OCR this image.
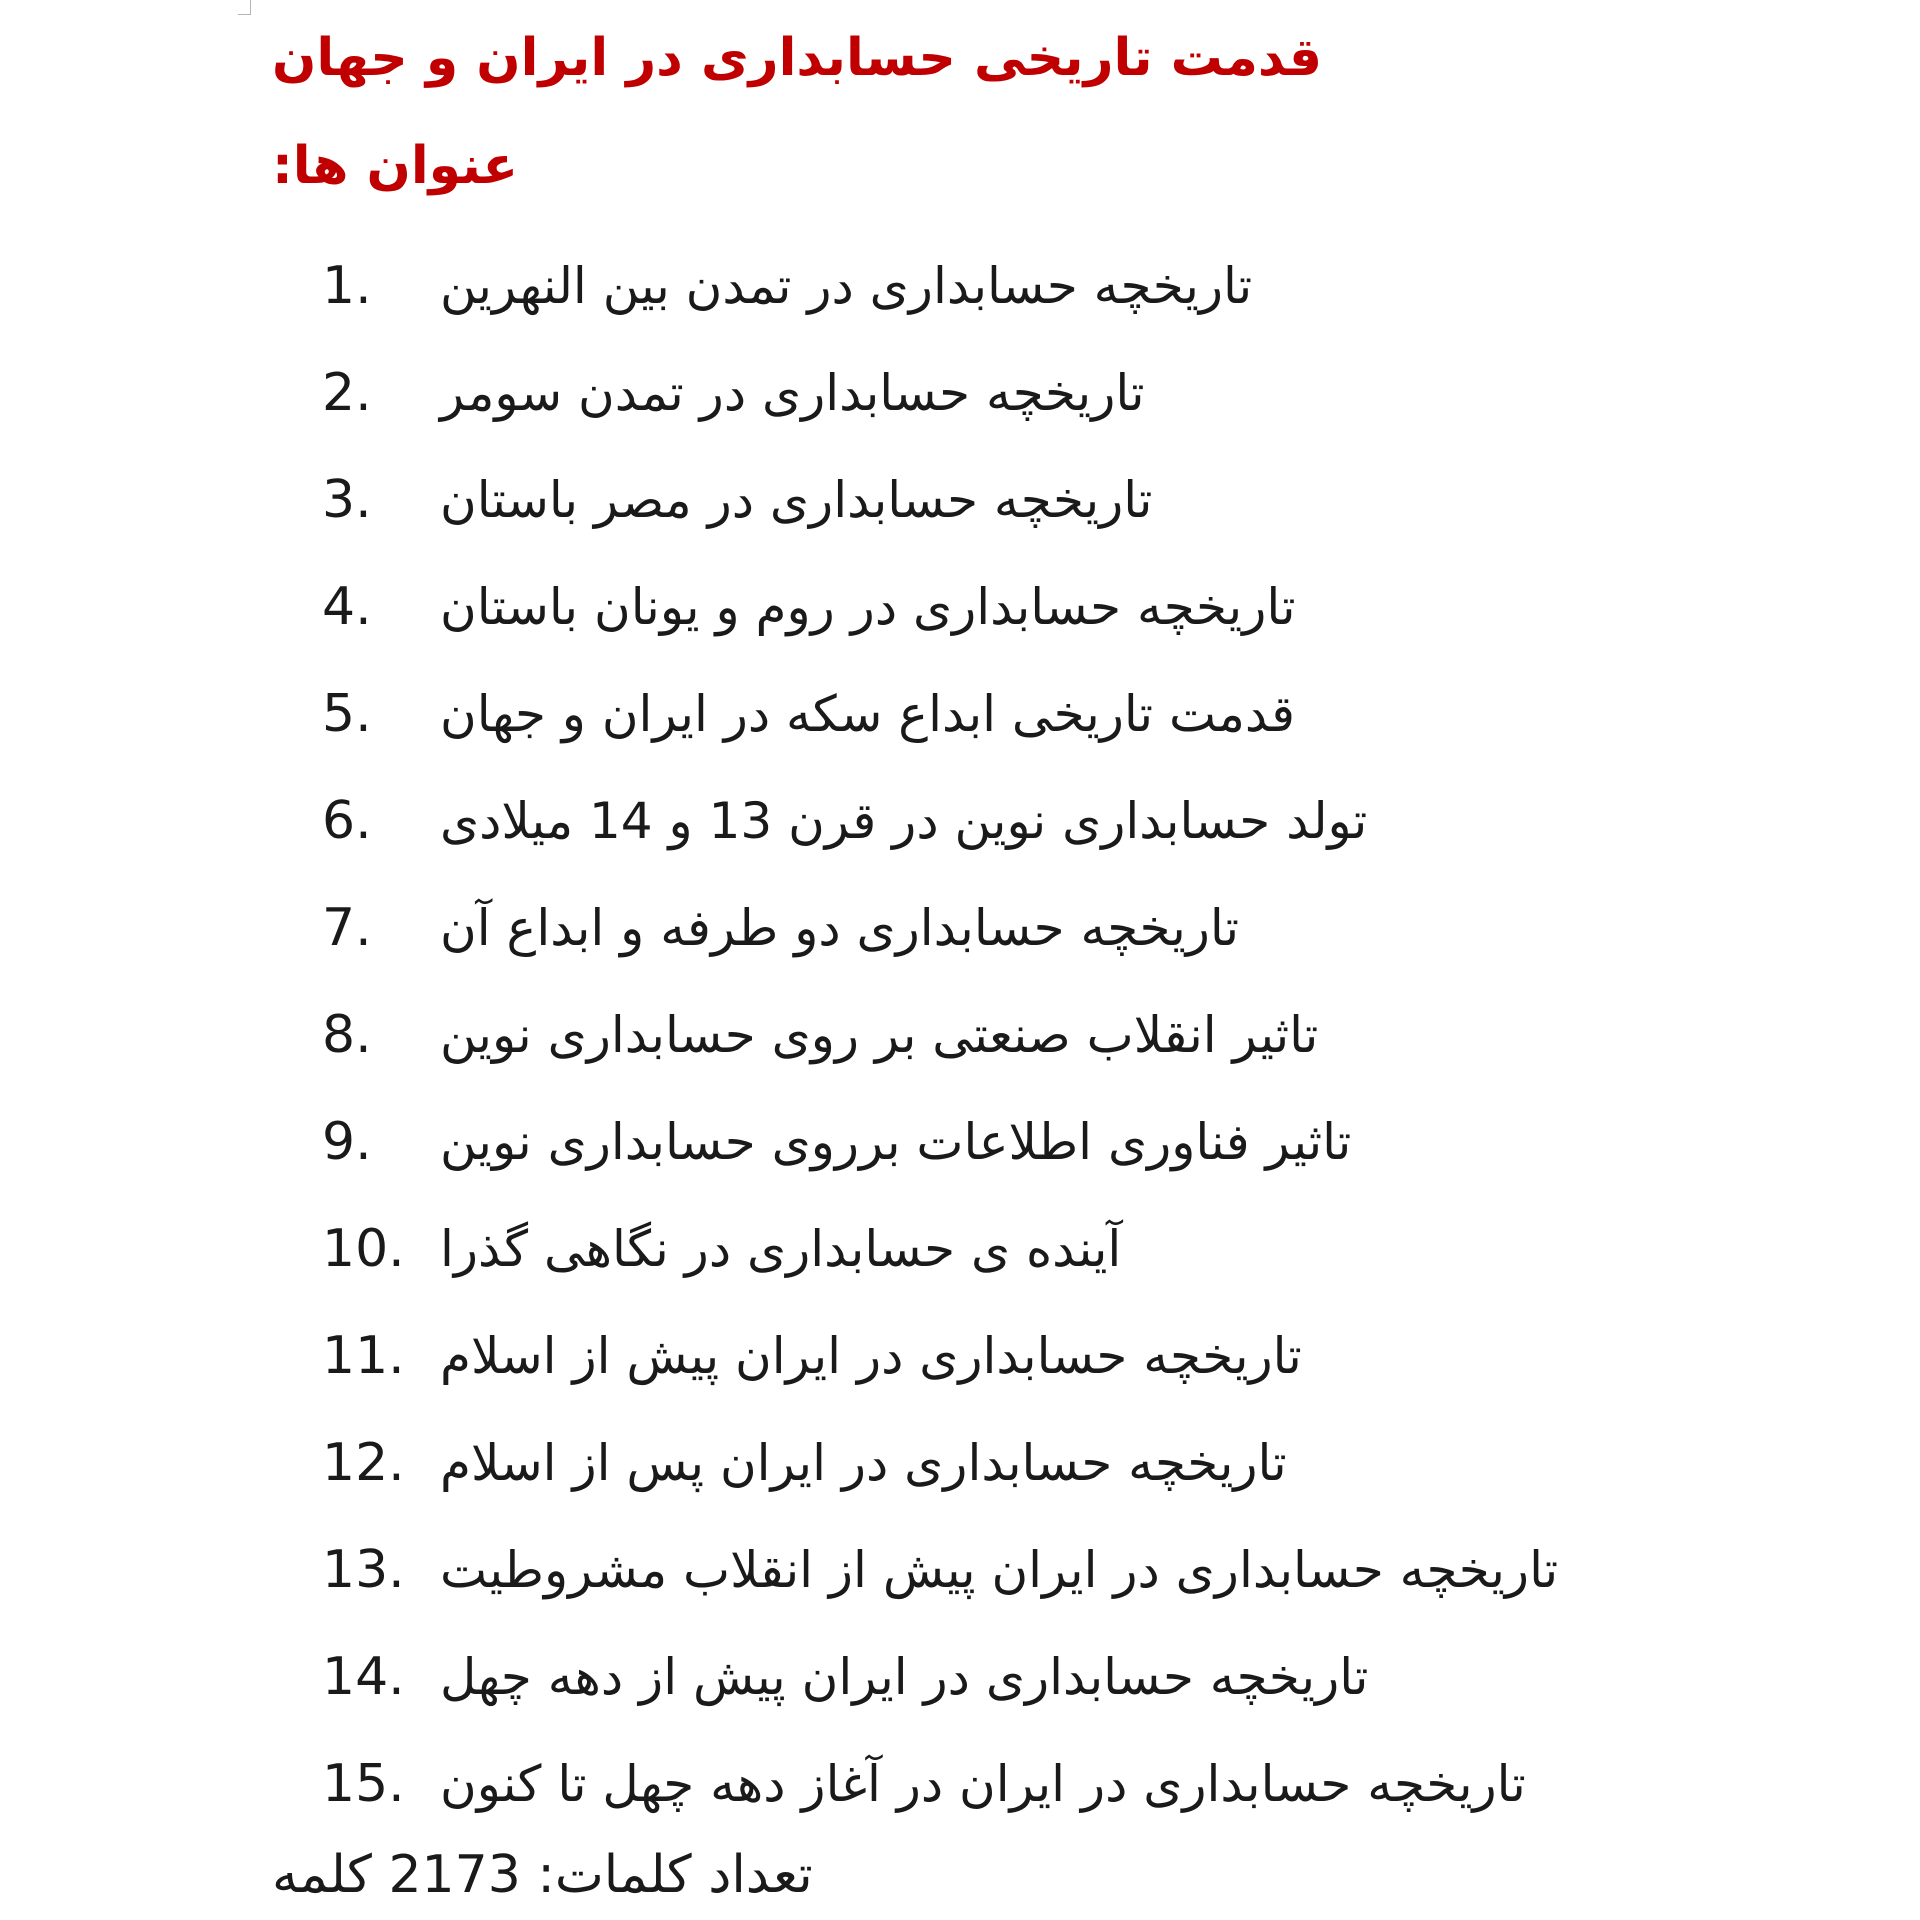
قدمت تاریخی حسابداری در ایران و جهان
عنوان ها:
1.	تاریخچه حسابداری در تمدن بین النهرین
2.	تاریخچه حسابداری در تمدن سومر
3.	تاریخچه حسابداری در مصر باستان
4.	تاریخچه حسابداری در روم و یونان باستان
5.	قدمت تاریخی ابداع سکه در ایران و جهان
6.	تولد حسابداری نوین در قرن 13 و 14 میلادی
7.	تاریخچه حسابداری دو طرفه و ابداع آن
8.	تاثیر انقلاب صنعتی بر روی حسابداری نوین
9.	تاثیر فناوری اطلاعات برروی حسابداری نوین
10. آینده ی حسابداری در نگاهی گذرا
11. تاریخچه حسابداری در ایران پیش از اسلام
12. تاریخچه حسابداری در ایران پس از اسلام
13. تاریخچه حسابداری در ایران پیش از انقلاب مشروطیت
14. تاریخچه حسابداری در ایران پیش از دهه چهل
15. تاریخچه حسابداری در ایران در آغاز دهه چهل تا کنون
تعداد کلمات: 2173 کلمه
